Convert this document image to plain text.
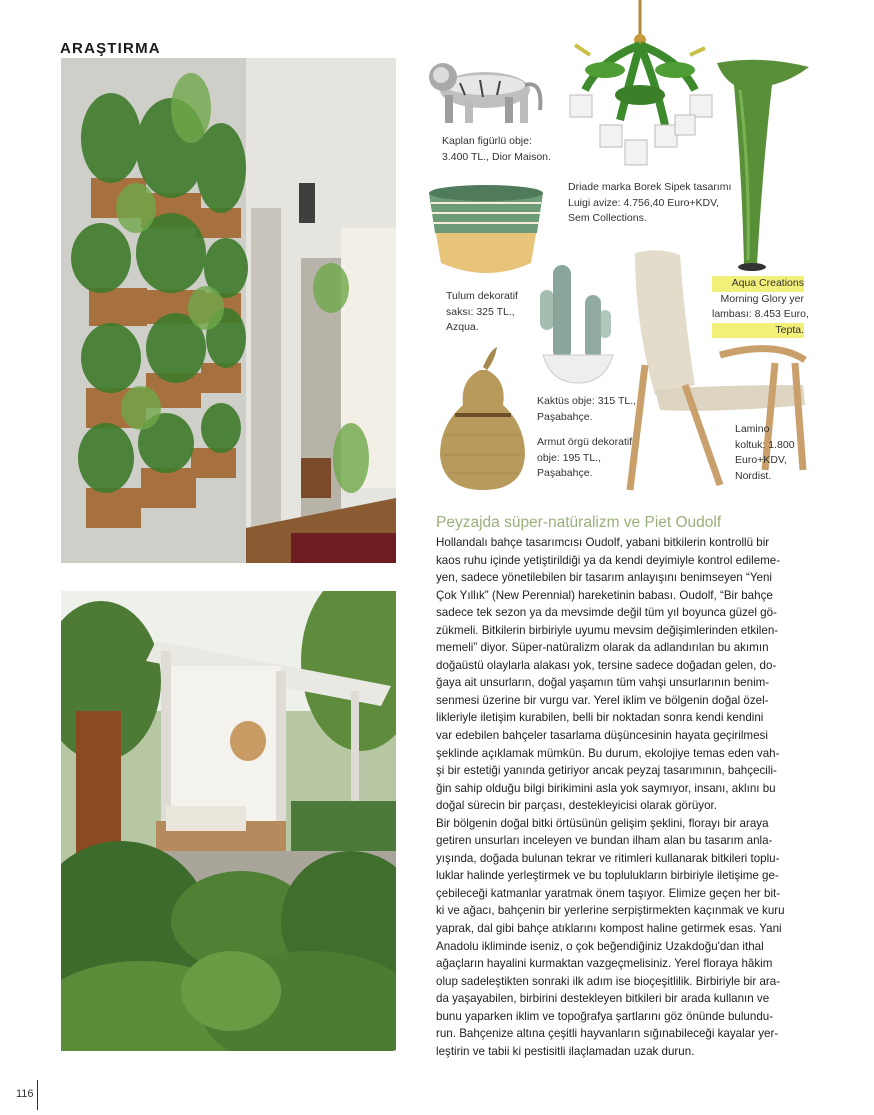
ARAŞTIRMA
Kaplan figürlü obje:
3.400 TL., Dior Maison.
Driade marka Borek Sipek tasarımı
Luigi avize: 4.756,40 Euro+KDV,
Sem Collections.
Aqua Creations
Morning Glory yer
lambası: 8.453 Euro,
Tepta.
Tulum dekoratif
saksı: 325 TL.,
Azqua.
Kaktüs obje: 315 TL.,
Paşabahçe.
Armut örgü dekoratif
obje: 195 TL.,
Paşabahçe.
Lamino
koltuk: 1.800
Euro+KDV,
Nordist.
Peyzajda süper-natüralizm ve Piet Oudolf
Hollandalı bahçe tasarımcısı Oudolf, yabani bitkilerin kontrollü bir
kaos ruhu içinde yetiştirildiği ya da kendi deyimiyle kontrol edileme-
yen, sadece yönetilebilen bir tasarım anlayışını benimseyen “Yeni
Çok Yıllık” (New Perennial) hareketinin babası. Oudolf, “Bir bahçe
sadece tek sezon ya da mevsimde değil tüm yıl boyunca güzel gö-
zükmeli. Bitkilerin birbiriyle uyumu mevsim değişimlerinden etkilen-
memeli” diyor. Süper-natüralizm olarak da adlandırılan bu akımın
doğaüstü olaylarla alakası yok, tersine sadece doğadan gelen, do-
ğaya ait unsurların, doğal yaşamın tüm vahşi unsurlarının benim-
senmesi üzerine bir vurgu var. Yerel iklim ve bölgenin doğal özel-
likleriyle iletişim kurabilen, belli bir noktadan sonra kendi kendini
var edebilen bahçeler tasarlama düşüncesinin hayata geçirilmesi
şeklinde açıklamak mümkün. Bu durum, ekolojiye temas eden vah-
şi bir estetiği yanında getiriyor ancak peyzaj tasarımının, bahçecili-
ğin sahip olduğu bilgi birikimini asla yok saymıyor, insanı, aklını bu
doğal sürecin bir parçası, destekleyicisi olarak görüyor.
Bir bölgenin doğal bitki örtüsünün gelişim şeklini, florayı bir araya
getiren unsurları inceleyen ve bundan ilham alan bu tasarım anla-
yışında, doğada bulunan tekrar ve ritimleri kullanarak bitkileri toplu-
luklar halinde yerleştirmek ve bu toplulukların birbiriyle iletişime ge-
çebileceği katmanlar yaratmak önem taşıyor. Elimize geçen her bit-
ki ve ağacı, bahçenin bir yerlerine serpiştirmekten kaçınmak ve kuru
yaprak, dal gibi bahçe atıklarını kompost haline getirmek esas. Yani
Anadolu ikliminde iseniz, o çok beğendiğiniz Uzakdoğu'dan ithal
ağaçların hayalini kurmaktan vazgeçmelisiniz. Yerel floraya hâkim
olup sadeleştikten sonraki ilk adım ise bioçeşitlilik. Birbiriyle bir ara-
da yaşayabilen, birbirini destekleyen bitkileri bir arada kullanın ve
bunu yaparken iklim ve topoğrafya şartlarını göz önünde bulundu-
run. Bahçenize altına çeşitli hayvanların sığınabileceği kayalar yer-
leştirin ve tabii ki pestisitli ilaçlamadan uzak durun.
116
